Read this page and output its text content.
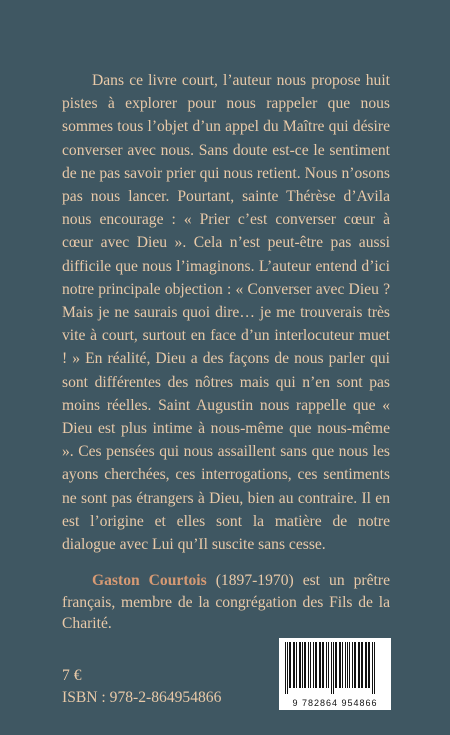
Dans ce livre court, l’auteur nous propose huit pistes à explorer pour nous rappeler que nous sommes tous l’objet d’un appel du Maître qui désire converser avec nous. Sans doute est-ce le sentiment de ne pas savoir prier qui nous retient. Nous n’osons pas nous lancer. Pourtant, sainte Thérèse d’Avila nous encourage : « Prier c’est converser cœur à cœur avec Dieu ». Cela n’est peut-être pas aussi difficile que nous l’imaginons. L’auteur entend d’ici notre principale objection : « Converser avec Dieu ? Mais je ne saurais quoi dire… je me trouverais très vite à court, surtout en face d’un interlocuteur muet ! » En réalité, Dieu a des façons de nous parler qui sont différentes des nôtres mais qui n’en sont pas moins réelles. Saint Augustin nous rappelle que « Dieu est plus intime à nous-même que nous-même ». Ces pensées qui nous assaillent sans que nous les ayons cherchées, ces interrogations, ces sentiments ne sont pas étrangers à Dieu, bien au contraire. Il en est l’origine et elles sont la matière de notre dialogue avec Lui qu’Il suscite sans cesse.

Gaston Courtois (1897-1970) est un prêtre français, membre de la congrégation des Fils de la Charité.
7 €
ISBN : 978-2-864954866	9 782864 954866
